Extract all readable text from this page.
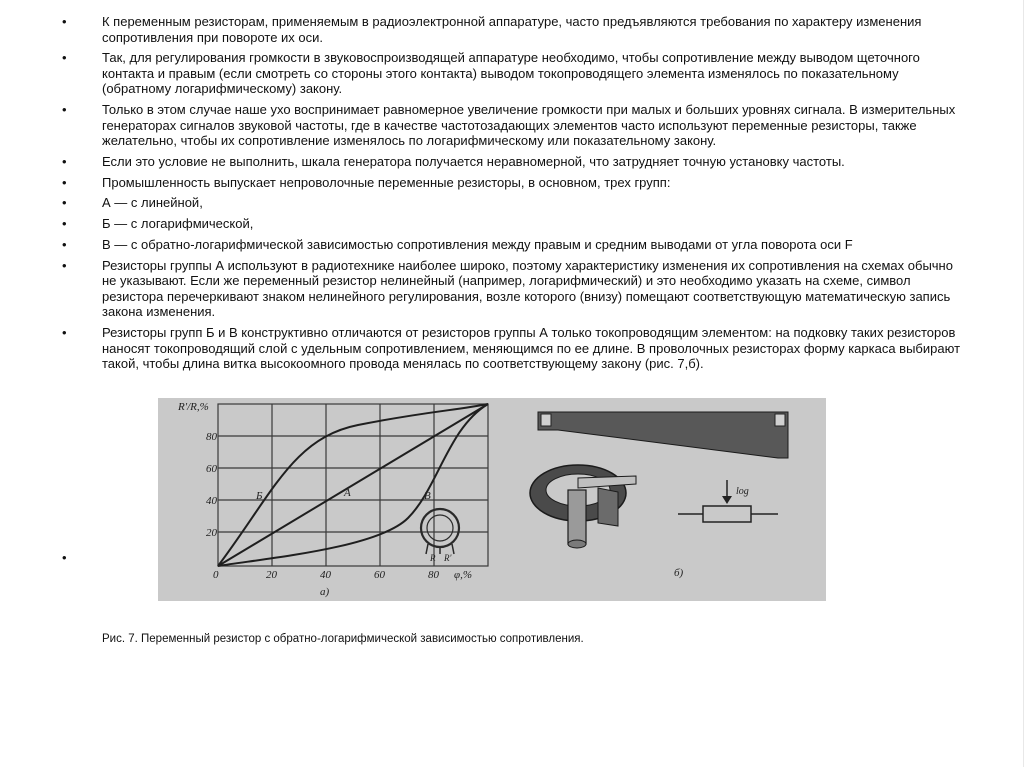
• К переменным резисторам, применяемым в радиоэлектронной аппаратуре, часто предъявляются требования по характеру изменения сопротивления при повороте их оси.
• Так, для регулирования громкости в звуковоспроизводящей аппаратуре необходимо, чтобы сопротивление между выводом щеточного контакта и правым (если смотреть со стороны этого контакта) выводом токопроводящего элемента изменялось по показательному (обратному логарифмическому) закону.
• Только в этом случае наше ухо воспринимает равномерное увеличение громкости при малых и больших уровнях сигнала. В измерительных генераторах сигналов звуковой частоты, где в качестве частотозадающих элементов часто используют переменные резисторы, также желательно, чтобы их сопротивление изменялось по логарифмическому или показательному закону.
• Если это условие не выполнить, шкала генератора получается неравномерной, что затрудняет точную установку частоты.
• Промышленность выпускает непроволочные переменные резисторы, в основном, трех групп:
• А — с линейной,
• Б — с логарифмической,
• В — с обратно-логарифмической зависимостью сопротивления между правым и средним выводами от угла поворота оси F
• Резисторы группы А используют в радиотехнике наиболее широко, поэтому характеристику изменения их сопротивления на схемах обычно не указывают. Если же переменный резистор нелинейный (например, логарифмический) и это необходимо указать на схеме, символ резистора перечеркивают знаком нелинейного регулирования, возле которого (внизу) помещают соответствующую математическую запись закона изменения.
• Резисторы групп Б и В конструктивно отличаются от резисторов группы А только токопроводящим элементом: на подковку таких резисторов наносят токопроводящий слой с удельным сопротивлением, меняющимся по ее длине. В проволочных резисторах форму каркаса выбирают такой, чтобы длина витка высокоомного провода менялась по соответствующему закону (рис. 7,б).
•
R'/R,%
80
60
40
20
0	20	40	60	80 φ,%
Б	А	В
а)
R R'
log
б)
Рис. 7. Переменный резистор с обратно-логарифмической зависимостью сопротивления.
